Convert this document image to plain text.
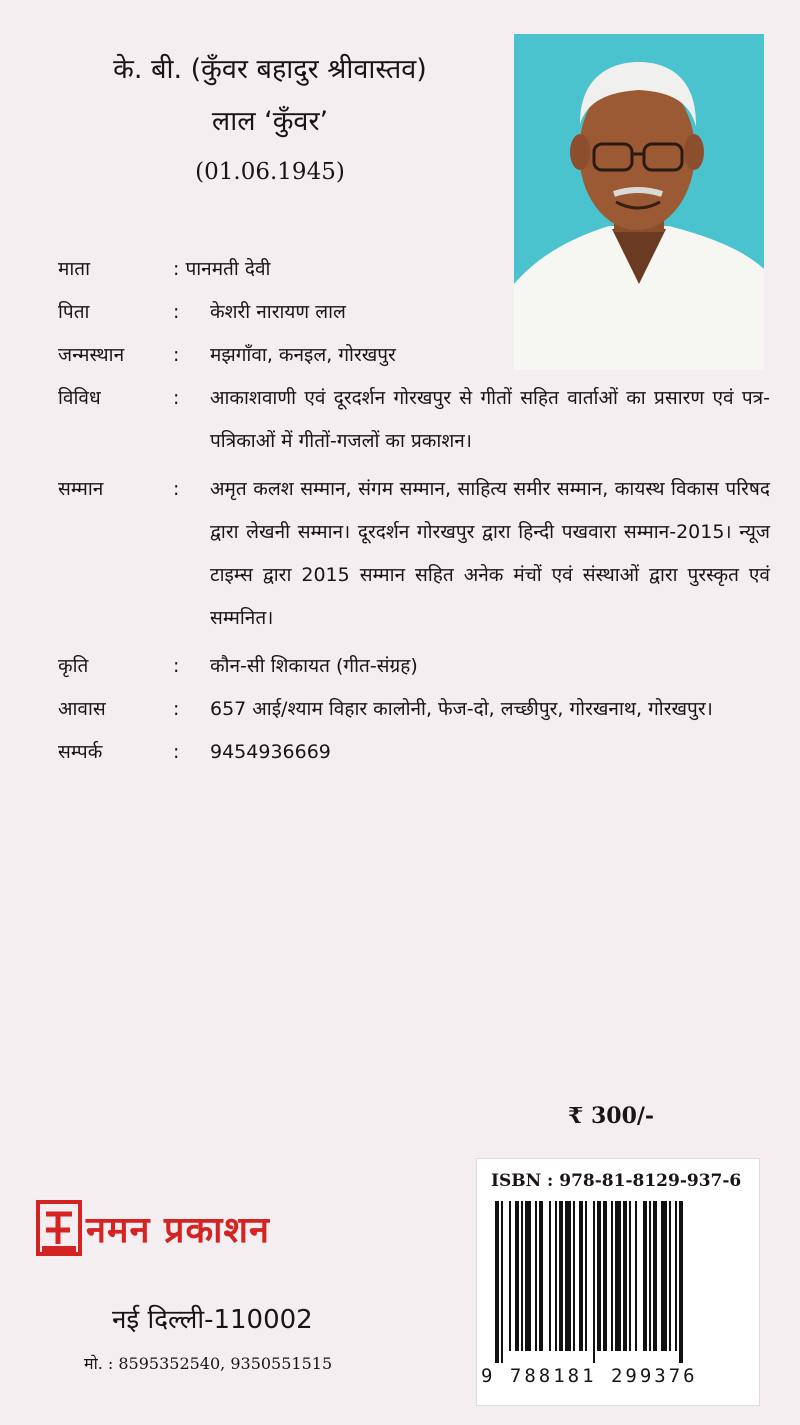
के. बी. (कुँवर बहादुर श्रीवास्तव)
लाल ‘कुँवर’
(01.06.1945)
माता	: पानमती देवी
पिता	:	केशरी नारायण लाल
जन्मस्थान	:	मझगाँवा, कनइल, गोरखपुर
विविध	:	आकाशवाणी एवं दूरदर्शन गोरखपुर से गीतों सहित वार्ताओं का प्रसारण एवं पत्र-पत्रिकाओं में गीतों-गजलों का प्रकाशन।
सम्मान	:	अमृत कलश सम्मान, संगम सम्मान, साहित्य समीर सम्मान, कायस्थ विकास परिषद द्वारा लेखनी सम्मान। दूरदर्शन गोरखपुर द्वारा हिन्दी पखवारा सम्मान-2015। न्यूज टाइम्स द्वारा 2015 सम्मान सहित अनेक मंचों एवं संस्थाओं द्वारा पुरस्कृत एवं सम्मनित।
कृति	:	कौन-सी शिकायत (गीत-संग्रह)
आवास	:	657 आई/श्याम विहार कालोनी, फेज-दो, लच्छीपुर, गोरखनाथ, गोरखपुर।
सम्पर्क	:	9454936669
₹ 300/-
ISBN : 978-81-8129-937-6
9 788181 299376
नमन प्रकाशन
नई दिल्ली-110002
मो. : 8595352540, 9350551515
